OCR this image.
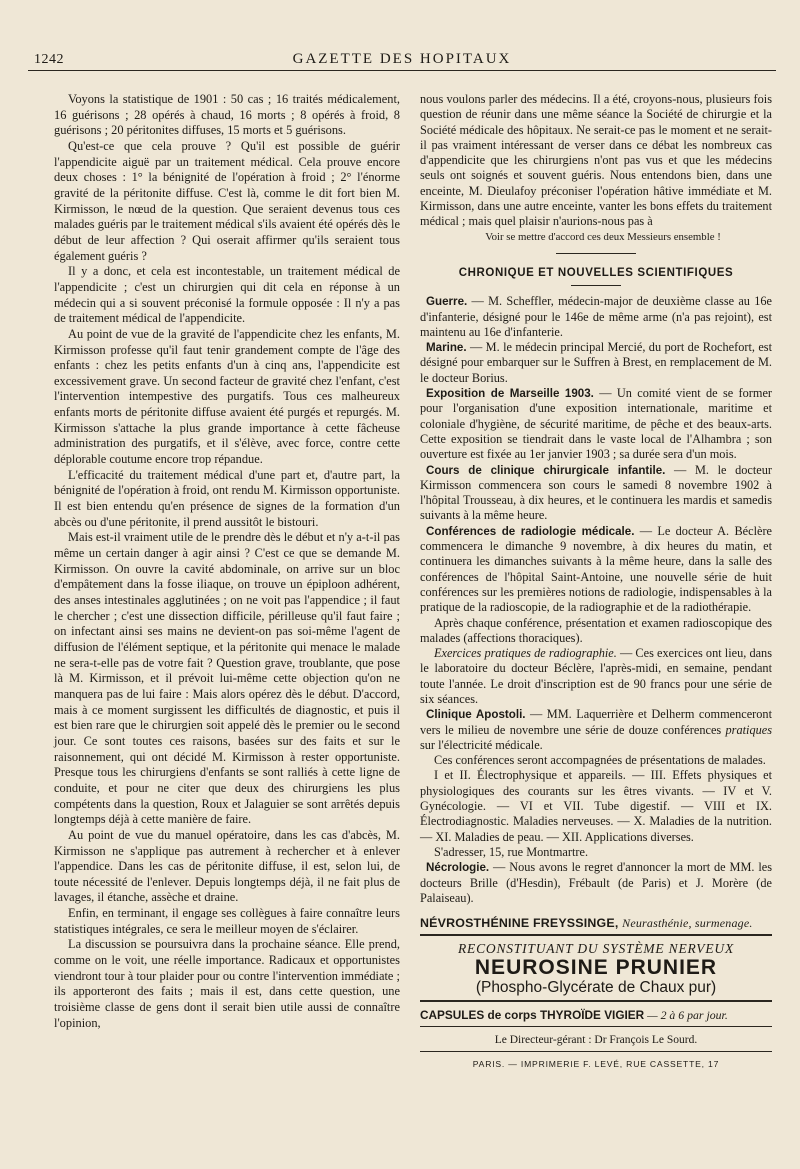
1242	GAZETTE DES HOPITAUX

Voyons la statistique de 1901 : 50 cas ; 16 traités médicalement, 16 guérisons ; 28 opérés à chaud, 16 morts ; 8 opérés à froid, 8 guérisons ; 20 péritonites diffuses, 15 morts et 5 guérisons.

Qu'est-ce que cela prouve ? Qu'il est possible de guérir l'appendicite aiguë par un traitement médical. Cela prouve encore deux choses : 1° la bénignité de l'opération à froid ; 2° l'énorme gravité de la péritonite diffuse. C'est là, comme le dit fort bien M. Kirmisson, le nœud de la question. Que seraient devenus tous ces malades guéris par le traitement médical s'ils avaient été opérés dès le début de leur affection ? Qui oserait affirmer qu'ils seraient tous également guéris ?

Il y a donc, et cela est incontestable, un traitement médical de l'appendicite ; c'est un chirurgien qui dit cela en réponse à un médecin qui a si souvent préconisé la formule opposée : Il n'y a pas de traitement médical de l'appendicite.

Au point de vue de la gravité de l'appendicite chez les enfants, M. Kirmisson professe qu'il faut tenir grandement compte de l'âge des enfants : chez les petits enfants d'un à cinq ans, l'appendicite est excessivement grave. Un second facteur de gravité chez l'enfant, c'est l'intervention intempestive des purgatifs. Tous ces malheureux enfants morts de péritonite diffuse avaient été purgés et repurgés. M. Kirmisson s'attache la plus grande importance à cette fâcheuse administration des purgatifs, et il s'élève, avec force, contre cette déplorable coutume encore trop répandue.

L'efficacité du traitement médical d'une part et, d'autre part, la bénignité de l'opération à froid, ont rendu M. Kirmisson opportuniste. Il est bien entendu qu'en présence de signes de la formation d'un abcès ou d'une péritonite, il prend aussitôt le bistouri.

Mais est-il vraiment utile de le prendre dès le début et n'y a-t-il pas même un certain danger à agir ainsi ? C'est ce que se demande M. Kirmisson. On ouvre la cavité abdominale, on arrive sur un bloc d'empâtement dans la fosse iliaque, on trouve un épiploon adhérent, des anses intestinales agglutinées ; on ne voit pas l'appendice ; il faut le chercher ; c'est une dissection difficile, périlleuse qu'il faut faire ; on infectant ainsi ses mains ne devient-on pas soi-même l'agent de diffusion de l'élément septique, et la péritonite qui menace le malade ne sera-t-elle pas de votre fait ? Question grave, troublante, que pose là M. Kirmisson, et il prévoit lui-même cette objection qu'on ne manquera pas de lui faire : Mais alors opérez dès le début. D'accord, mais à ce moment surgissent les difficultés de diagnostic, et puis il est bien rare que le chirurgien soit appelé dès le premier ou le second jour. Ce sont toutes ces raisons, basées sur des faits et sur le raisonnement, qui ont décidé M. Kirmisson à rester opportuniste. Presque tous les chirurgiens d'enfants se sont ralliés à cette ligne de conduite, et pour ne citer que deux des chirurgiens les plus compétents dans la question, Roux et Jalaguier se sont arrêtés depuis longtemps déjà à cette manière de faire.

Au point de vue du manuel opératoire, dans les cas d'abcès, M. Kirmisson ne s'applique pas autrement à rechercher et à enlever l'appendice. Dans les cas de péritonite diffuse, il est, selon lui, de toute nécessité de l'enlever. Depuis longtemps déjà, il ne fait plus de lavages, il étanche, assèche et draine.

Enfin, en terminant, il engage ses collègues à faire connaître leurs statistiques intégrales, ce sera le meilleur moyen de s'éclairer.

La discussion se poursuivra dans la prochaine séance. Elle prend, comme on le voit, une réelle importance. Radicaux et opportunistes viendront tour à tour plaider pour ou contre l'intervention immédiate ; ils apporteront des faits ; mais il est, dans cette question, une troisième classe de gens dont il serait bien utile aussi de connaître l'opinion,

nous voulons parler des médecins. Il a été, croyons-nous, plusieurs fois question de réunir dans une même séance la Société de chirurgie et la Société médicale des hôpitaux. Ne serait-ce pas le moment et ne serait-il pas vraiment intéressant de verser dans ce débat les nombreux cas d'appendicite que les chirurgiens n'ont pas vus et que les médecins seuls ont soignés et souvent guéris. Nous entendons bien, dans une enceinte, M. Dieulafoy préconiser l'opération hâtive immédiate et M. Kirmisson, dans une autre enceinte, vanter les bons effets du traitement médical ; mais quel plaisir n'aurions-nous pas à

Voir se mettre d'accord ces deux Messieurs ensemble !

CHRONIQUE ET NOUVELLES SCIENTIFIQUES

Guerre. — M. Scheffler, médecin-major de deuxième classe au 16e d'infanterie, désigné pour le 146e de même arme (n'a pas rejoint), est maintenu au 16e d'infanterie.

Marine. — M. le médecin principal Mercié, du port de Rochefort, est désigné pour embarquer sur le Suffren à Brest, en remplacement de M. le docteur Borius.

Exposition de Marseille 1903. — Un comité vient de se former pour l'organisation d'une exposition internationale, maritime et coloniale d'hygiène, de sécurité maritime, de pêche et des beaux-arts. Cette exposition se tiendrait dans le vaste local de l'Alhambra ; son ouverture est fixée au 1er janvier 1903 ; sa durée sera d'un mois.

Cours de clinique chirurgicale infantile. — M. le docteur Kirmisson commencera son cours le samedi 8 novembre 1902 à l'hôpital Trousseau, à dix heures, et le continuera les mardis et samedis suivants à la même heure.

Conférences de radiologie médicale. — Le docteur A. Béclère commencera le dimanche 9 novembre, à dix heures du matin, et continuera les dimanches suivants à la même heure, dans la salle des conférences de l'hôpital Saint-Antoine, une nouvelle série de huit conférences sur les premières notions de radiologie, indispensables à la pratique de la radioscopie, de la radiographie et de la radiothérapie.

Après chaque conférence, présentation et examen radioscopique des malades (affections thoraciques).

Exercices pratiques de radiographie. — Ces exercices ont lieu, dans le laboratoire du docteur Béclère, l'après-midi, en semaine, pendant toute l'année. Le droit d'inscription est de 90 francs pour une série de six séances.

Clinique Apostoli. — MM. Laquerrière et Delherm commenceront vers le milieu de novembre une série de douze conférences pratiques sur l'électricité médicale.

Ces conférences seront accompagnées de présentations de malades.

I et II. Électrophysique et appareils. — III. Effets physiques et physiologiques des courants sur les êtres vivants. — IV et V. Gynécologie. — VI et VII. Tube digestif. — VIII et IX. Électrodiagnostic. Maladies nerveuses. — X. Maladies de la nutrition. — XI. Maladies de peau. — XII. Applications diverses.

S'adresser, 15, rue Montmartre.

Nécrologie. — Nous avons le regret d'annoncer la mort de MM. les docteurs Brille (d'Hesdin), Frébault (de Paris) et J. Morère (de Palaiseau).

NÉVROSTHÉNINE FREYSSINGE, Neurasthénie, surmenage.
RECONSTITUANT DU SYSTÈME NERVEUX
NEUROSINE PRUNIER
(Phospho-Glycérate de Chaux pur)
CAPSULES de corps THYROÏDE VIGIER — 2 à 6 par jour.
Le Directeur-gérant : Dr François Le Sourd.
PARIS. — IMPRIMERIE F. LEVÉ, RUE CASSETTE, 17
